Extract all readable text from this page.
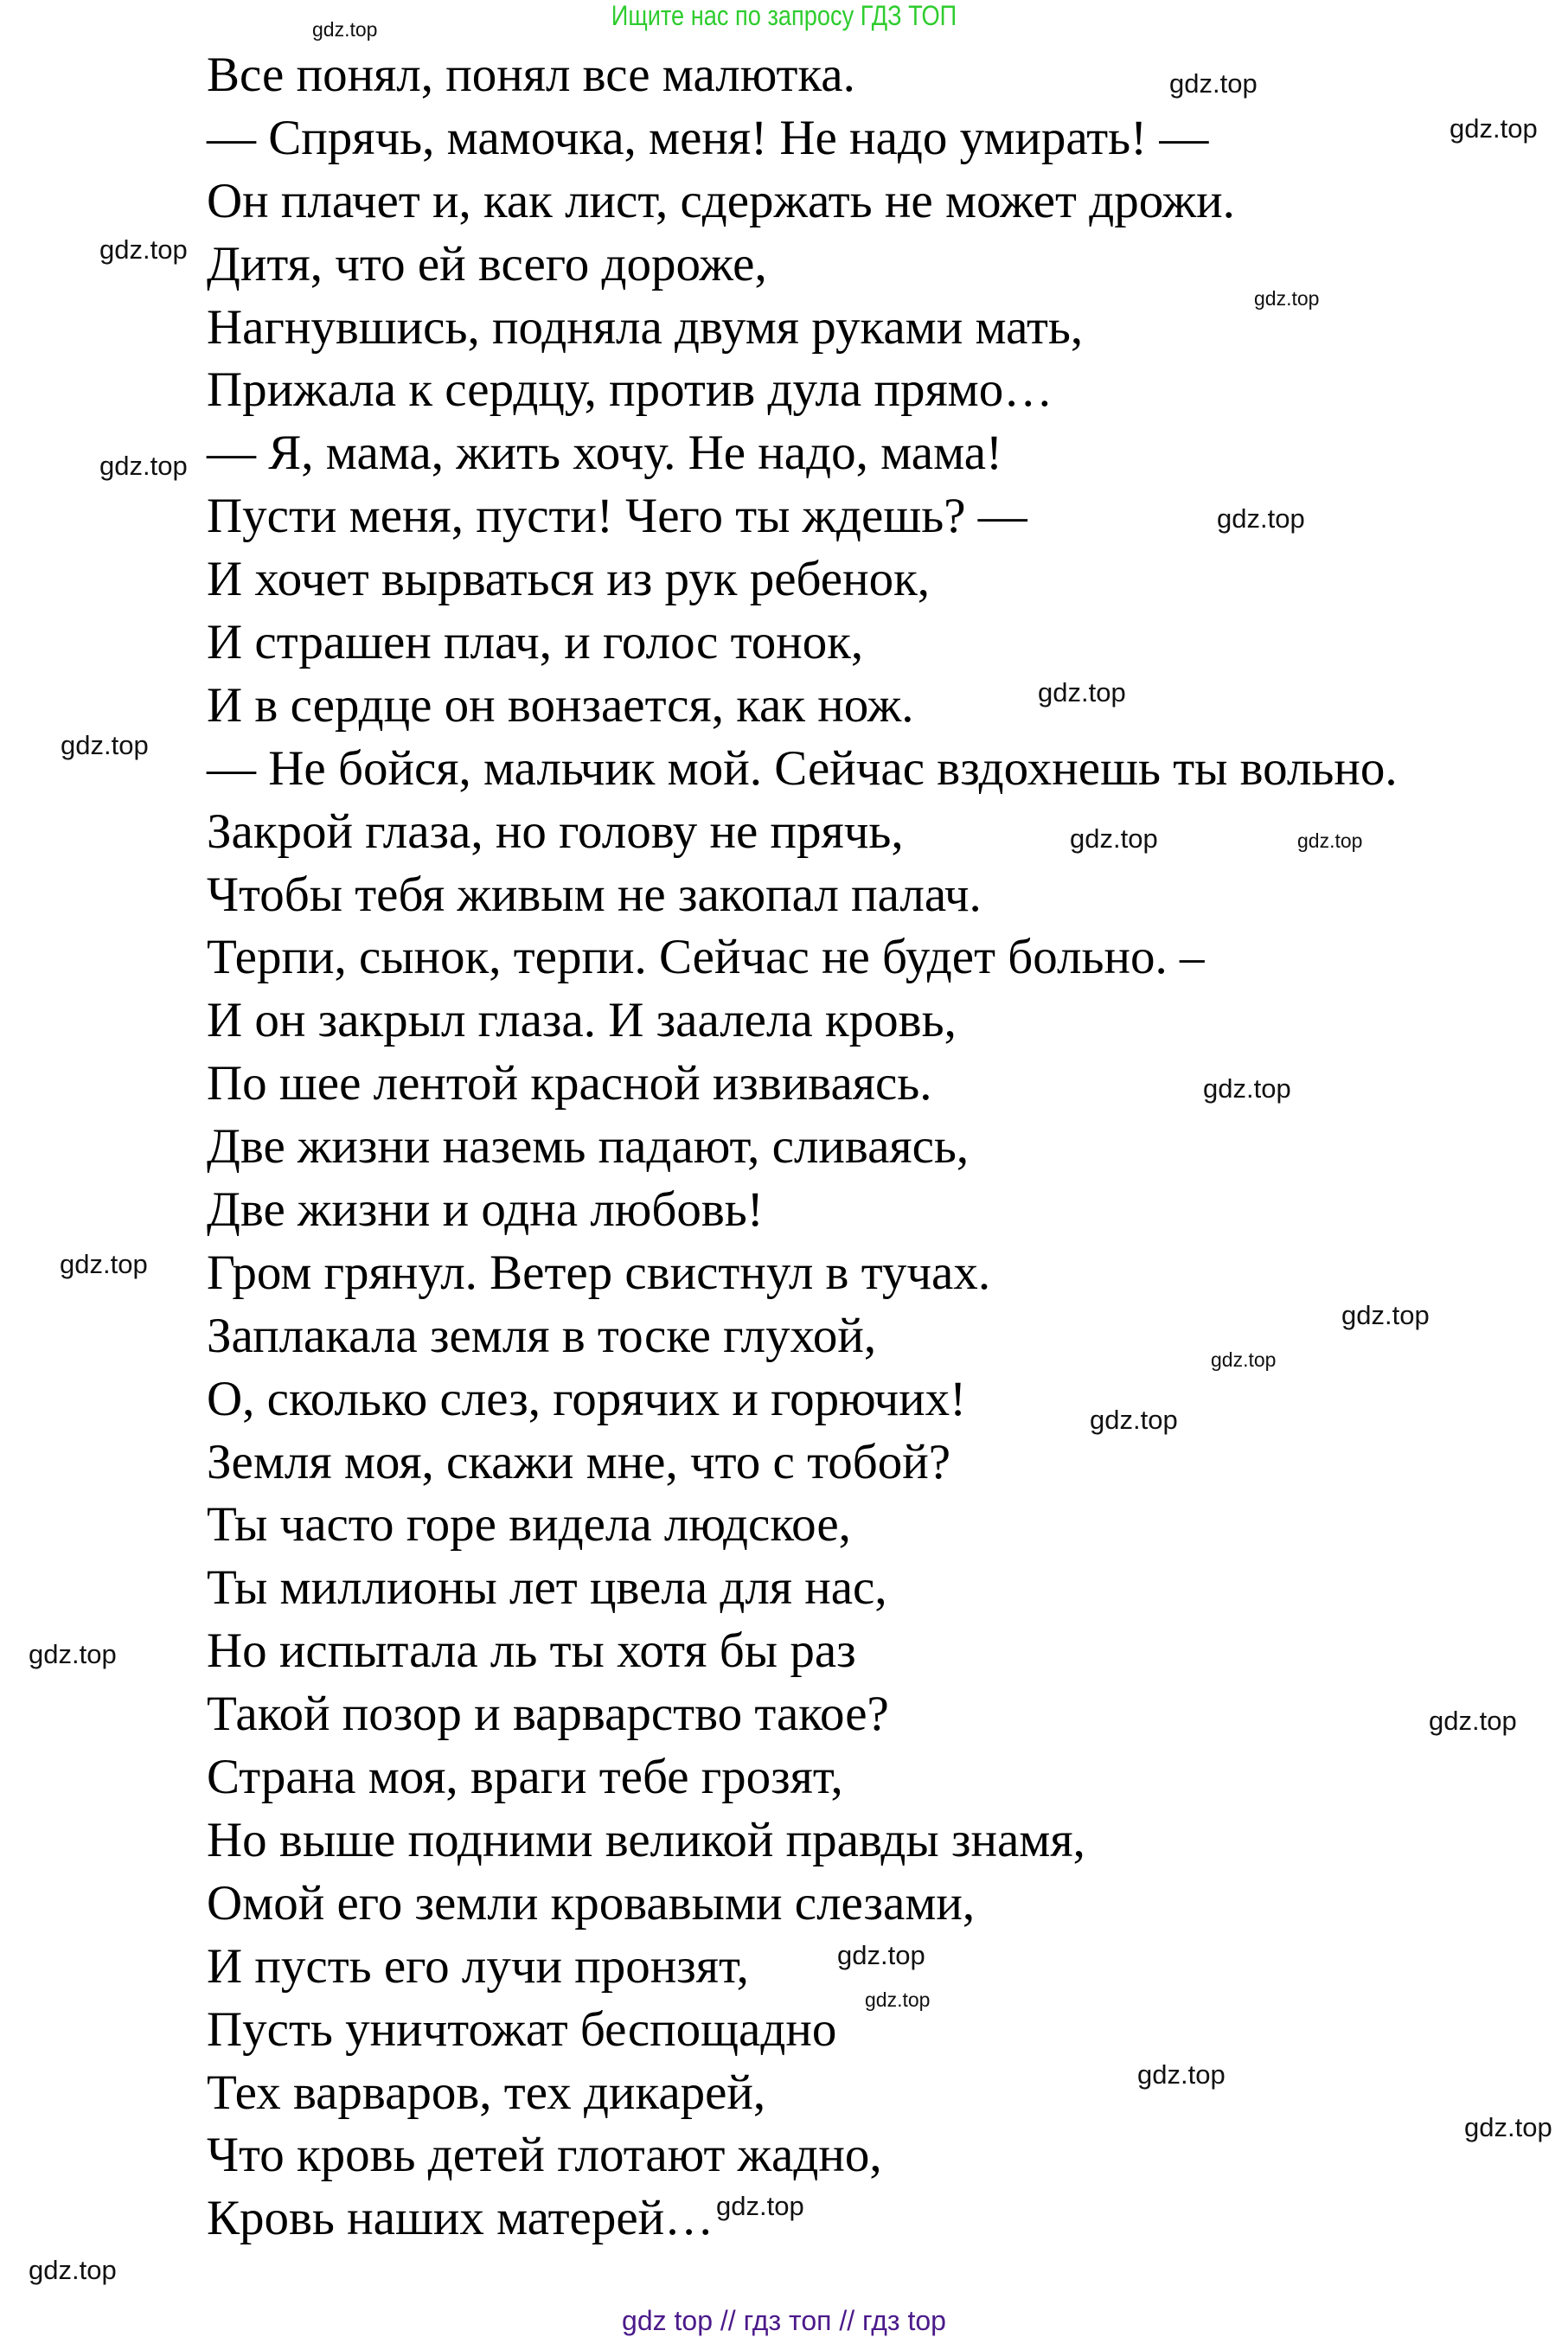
Ищите нас по запросу ГДЗ ТОП
Все понял, понял все малютка.
— Спрячь, мамочка, меня! Не надо умирать! —
Он плачет и, как лист, сдержать не может дрожи.
Дитя, что ей всего дороже,
Нагнувшись, подняла двумя руками мать,
Прижала к сердцу, против дула прямо…
— Я, мама, жить хочу. Не надо, мама!
Пусти меня, пусти! Чего ты ждешь? —
И хочет вырваться из рук ребенок,
И страшен плач, и голос тонок,
И в сердце он вонзается, как нож.
— Не бойся, мальчик мой. Сейчас вздохнешь ты вольно.
Закрой глаза, но голову не прячь,
Чтобы тебя живым не закопал палач.
Терпи, сынок, терпи. Сейчас не будет больно. –
И он закрыл глаза. И заалела кровь,
По шее лентой красной извиваясь.
Две жизни наземь падают, сливаясь,
Две жизни и одна любовь!
Гром грянул. Ветер свистнул в тучах.
Заплакала земля в тоске глухой,
О, сколько слез, горячих и горючих!
Земля моя, скажи мне, что с тобой?
Ты часто горе видела людское,
Ты миллионы лет цвела для нас,
Но испытала ль ты хотя бы раз
Такой позор и варварство такое?
Страна моя, враги тебе грозят,
Но выше подними великой правды знамя,
Омой его земли кровавыми слезами,
И пусть его лучи пронзят,
Пусть уничтожат беспощадно
Тех варваров, тех дикарей,
Что кровь детей глотают жадно,
Кровь наших матерей…
gdz.top
gdz.top
gdz.top
gdz.top
gdz.top
gdz.top
gdz.top
gdz.top
gdz.top
gdz.top
gdz.top
gdz.top
gdz.top
gdz.top
gdz.top
gdz.top
gdz.top
gdz.top
gdz.top
gdz.top
gdz.top
gdz.top
gdz.top
gdz.top
gdz top // гдз топ // гдз top
